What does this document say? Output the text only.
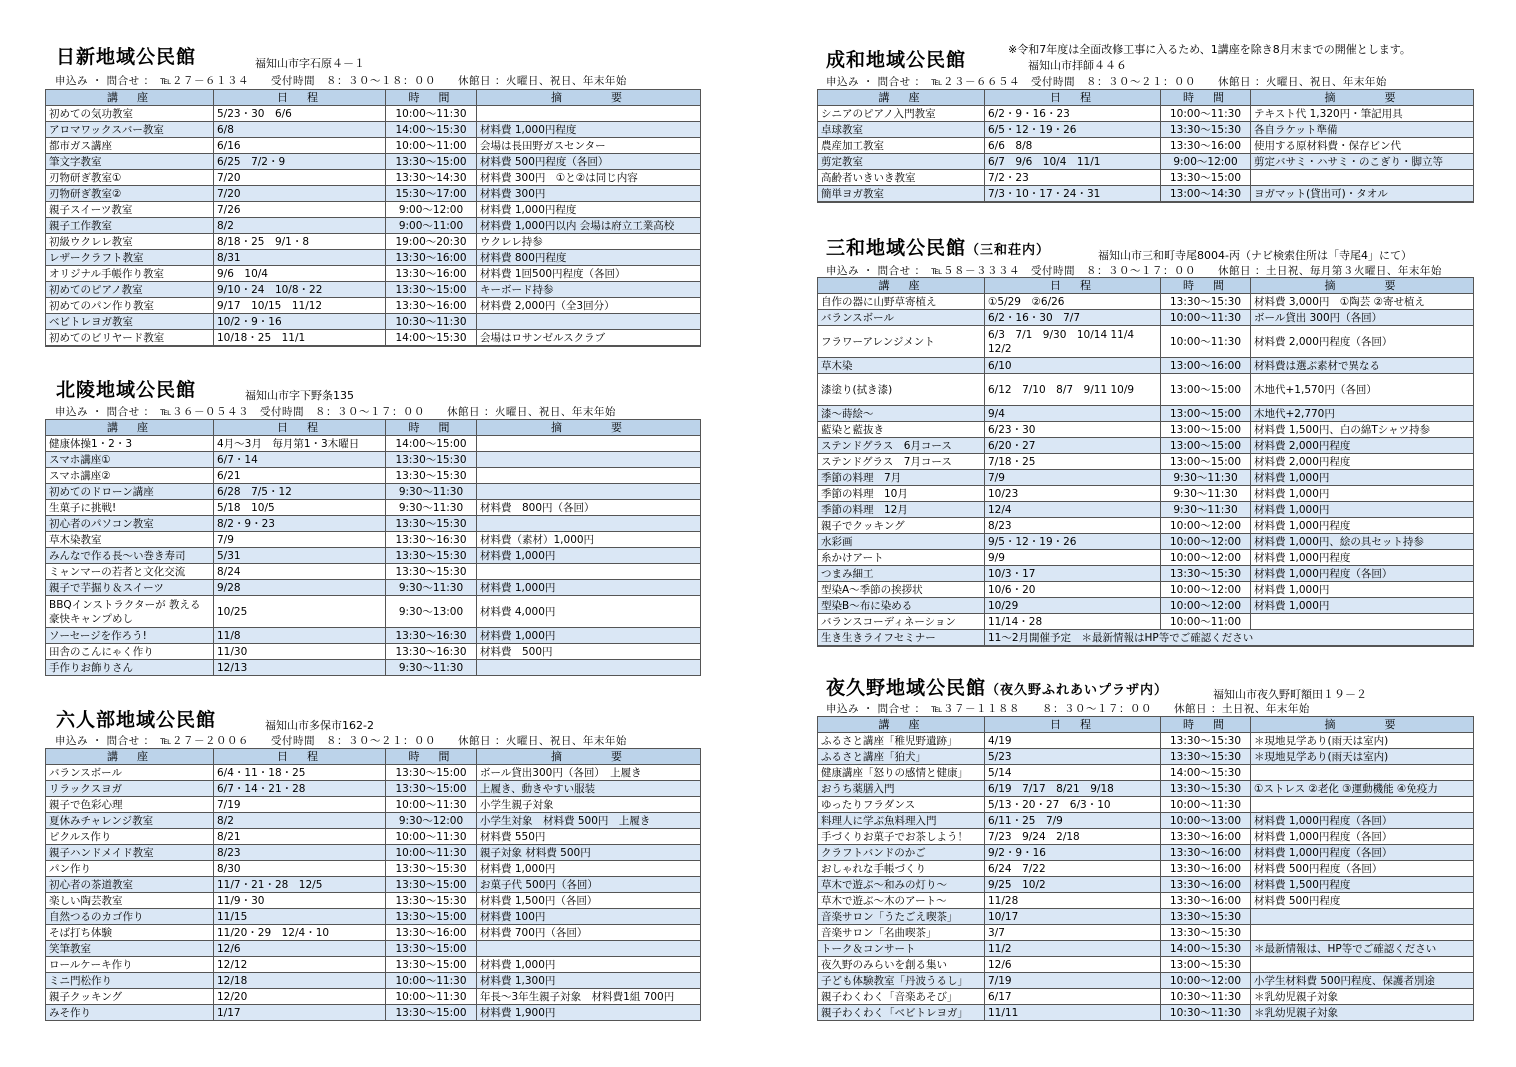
日新地域公民館	福知山市字石原４－１
申込み ・ 問合せ ：　℡２７－６１３４　　受付時間　８：３０～１８：００　　休館日 ：火曜日、祝日、年末年始
講　座	日　程	時　間	摘　　　要
初めての気功教室	5/23・30　6/6	10:00～11:30	
アロマワックスバー教室	6/8	14:00～15:30	材料費 1,000円程度
都市ガス講座	6/16	10:00～11:00	会場は長田野ガスセンター
筆文字教室	6/25　7/2・9	13:30～15:00	材料費 500円程度（各回）
刃物研ぎ教室①	7/20	13:30～14:30	材料費 300円　①と②は同じ内容
刃物研ぎ教室②	7/20	15:30～17:00	材料費 300円
親子スイーツ教室	7/26	9:00～12:00	材料費 1,000円程度
親子工作教室	8/2	9:00～11:00	材料費 1,000円以内 会場は府立工業高校
初級ウクレレ教室	8/18・25　9/1・8	19:00～20:30	ウクレレ持参
レザークラフト教室	8/31	13:30～16:00	材料費 800円程度
オリジナル手帳作り教室	9/6　10/4	13:30～16:00	材料費 1回500円程度（各回）
初めてのピアノ教室	9/10・24　10/8・22	13:30～15:00	キーボード持参
初めてのパン作り教室	9/17　10/15　11/12	13:30～16:00	材料費 2,000円（全3回分）
ベビトレヨガ教室	10/2・9・16	10:30～11:30	
初めてのビリヤード教室	10/18・25　11/1	14:00～15:30	会場はロサンゼルスクラブ
北陵地域公民館	福知山市字下野条135
申込み ・ 問合せ ：　℡３６－０５４３　受付時間　８：３０～１７：００　　休館日 ：火曜日、祝日、年末年始
講　座	日　程	時　間	摘　　　要
健康体操1・2・3	4月～3月　毎月第1・3木曜日	14:00～15:00	
スマホ講座①	6/7・14	13:30～15:30	
スマホ講座②	6/21	13:30～15:30	
初めてのドローン講座	6/28　7/5・12	9:30～11:30	
生菓子に挑戦!	5/18　10/5	9:30～11:30	材料費　800円（各回）
初心者のパソコン教室	8/2・9・23	13:30～15:30	
草木染教室	7/9	13:30～16:30	材料費（素材）1,000円
みんなで作る長～い巻き寿司	5/31	13:30～15:30	材料費 1,000円
ミャンマーの若者と文化交流	8/24	13:30～15:30	
親子で芋掘り＆スイーツ	9/28	9:30～11:30	材料費 1,000円
BBQインストラクターが 教える豪快キャンプめし	10/25	9:30～13:00	材料費 4,000円
ソーセージを作ろう!	11/8	13:30～16:30	材料費 1,000円
田舎のこんにゃく作り	11/30	13:30～16:30	材料費　500円
手作りお飾りさん	12/13	9:30～11:30	
六人部地域公民館	福知山市多保市162-2
申込み ・ 問合せ ：　℡２７－２００６　　受付時間　８：３０～２１：００　　休館日 ：火曜日、祝日、年末年始
講　座	日　程	時　間	摘　　　要
バランスボール	6/4・11・18・25	13:30～15:00	ボール貸出300円（各回）　上履き
リラックスヨガ	6/7・14・21・28	13:30～15:00	上履き、動きやすい服装
親子で色彩心理	7/19	10:00～11:30	小学生親子対象
夏休みチャレンジ教室	8/2	9:30～12:00	小学生対象　材料費 500円　上履き
ピクルス作り	8/21	10:00～11:30	材料費 550円
親子ハンドメイド教室	8/23	10:00～11:30	親子対象 材料費 500円
パン作り	8/30	13:30～15:30	材料費 1,000円
初心者の茶道教室	11/7・21・28　12/5	13:30～15:00	お菓子代 500円（各回）
楽しい陶芸教室	11/9・30	13:30～15:30	材料費 1,500円（各回）
自然つるのカゴ作り	11/15	13:30～15:00	材料費 100円
そば打ち体験	11/20・29　12/4・10	13:30～16:00	材料費 700円（各回）
笑筆教室	12/6	13:30～15:00	
ロールケーキ作り	12/12	13:30～15:00	材料費 1,000円
ミニ門松作り	12/18	10:00～11:30	材料費 1,300円
親子クッキング	12/20	10:00～11:30	年長～3年生親子対象　材料費1組 700円
みそ作り	1/17	13:30～15:00	材料費 1,900円
成和地域公民館	※令和7年度は全面改修工事に入るため、1講座を除き8月末までの開催とします。
福知山市拝師４４６
申込み ・ 問合せ ：　℡２３－６６５４　受付時間　８：３０～２１：００　　休館日 ：火曜日、祝日、年末年始
講　座	日　程	時　間	摘　　　要
シニアのピアノ入門教室	6/2・9・16・23	10:00～11:30	テキスト代 1,320円・筆記用具
卓球教室	6/5・12・19・26	13:30～15:30	各自ラケット準備
農産加工教室	6/6　8/8	13:30～16:00	使用する原材料費・保存ビン代
剪定教室	6/7　9/6　10/4　11/1	9:00～12:00	剪定バサミ・ハサミ・のこぎり・脚立等
高齢者いきいき教室	7/2・23	13:30～15:00	
簡単ヨガ教室	7/3・10・17・24・31	13:00～14:30	ヨガマット(貸出可)・タオル
三和地域公民館（三和荘内）	福知山市三和町寺尾8004-丙（ナビ検索住所は「寺尾4」にて）
申込み ・ 問合せ ：　℡５８－３３３４　受付時間　８：３０～１７：００　　休館日 ：土日祝、毎月第３火曜日、年末年始
講　座	日　程	時　間	摘　　　要
自作の器に山野草寄植え	①5/29　②6/26	13:30～15:30	材料費 3,000円　①陶芸 ②寄せ植え
バランスボール	6/2・16・30　7/7	10:00～11:30	ボール貸出 300円（各回）
フラワーアレンジメント	6/3　7/1　9/30　10/14 11/4　12/2	10:00～11:30	材料費 2,000円程度（各回）
草木染	6/10	13:00～16:00	材料費は選ぶ素材で異なる
漆塗り(拭き漆)	6/12　7/10　8/7　9/11 10/9	13:00～15:00	木地代+1,570円（各回）
漆～蒔絵～	9/4	13:00～15:00	木地代+2,770円
藍染と藍抜き	6/23・30	13:00～15:00	材料費 1,500円、白の綿Tシャツ持参
ステンドグラス　6月コース	6/20・27	13:00～15:00	材料費 2,000円程度
ステンドグラス　7月コース	7/18・25	13:00～15:00	材料費 2,000円程度
季節の料理　7月	7/9	9:30～11:30	材料費 1,000円
季節の料理　10月	10/23	9:30～11:30	材料費 1,000円
季節の料理　12月	12/4	9:30～11:30	材料費 1,000円
親子でクッキング	8/23	10:00～12:00	材料費 1,000円程度
水彩画	9/5・12・19・26	10:00～12:00	材料費 1,000円、絵の具セット持参
糸かけアート	9/9	10:00～12:00	材料費 1,000円程度
つまみ細工	10/3・17	13:30～15:30	材料費 1,000円程度（各回）
型染A～季節の挨拶状	10/6・20	10:00～12:00	材料費 1,000円
型染B～布に染める	10/29	10:00～12:00	材料費 1,000円
バランスコーディネーション	11/14・28	10:00～11:00	
生き生きライフセミナー	11～2月開催予定　＊最新情報はHP等でご確認ください		
夜久野地域公民館（夜久野ふれあいプラザ内）	福知山市夜久野町額田１９－２
申込み ・ 問合せ ：　℡３７－１１８８　　８：３０～１７：００　　休館日 ：土日祝、年末年始
講　座	日　程	時　間	摘　　　要
ふるさと講座「稚児野遺跡」	4/19	13:30～15:30	＊現地見学あり(雨天は室内)
ふるさと講座「狛犬」	5/23	13:30～15:30	＊現地見学あり(雨天は室内)
健康講座「怒りの感情と健康」	5/14	14:00～15:30	
おうち薬膳入門	6/19　7/17　8/21　9/18	13:30～15:30	①ストレス ②老化 ③運動機能 ④免疫力
ゆったりフラダンス	5/13・20・27　6/3・10	10:00～11:30	
料理人に学ぶ魚料理入門	6/11・25　7/9	10:00～13:00	材料費 1,000円程度（各回）
手づくりお菓子でお茶しよう！	7/23　9/24　2/18	13:30～16:00	材料費 1,000円程度（各回）
クラフトバンドのかご	9/2・9・16	13:30～16:00	材料費 1,000円程度（各回）
おしゃれな手帳づくり	6/24　7/22	13:30～16:00	材料費 500円程度（各回）
草木で遊ぶ～和みの灯り～	9/25　10/2	13:30～16:00	材料費 1,500円程度
草木で遊ぶ～木のアート～	11/28	13:30～16:00	材料費 500円程度
音楽サロン「うたごえ喫茶」	10/17	13:30～15:30	
音楽サロン「名曲喫茶」	3/7	13:30～15:30	
トーク＆コンサート	11/2	14:00～15:30	＊最新情報は、HP等でご確認ください
夜久野のみらいを創る集い	12/6	13:00～15:30	
子ども体験教室「丹波うるし」	7/19	10:00～12:00	小学生材料費 500円程度、保護者別途
親子わくわく「音楽あそび」	6/17	10:30～11:30	＊乳幼児親子対象
親子わくわく「ベビトレヨガ」	11/11	10:30～11:30	＊乳幼児親子対象
